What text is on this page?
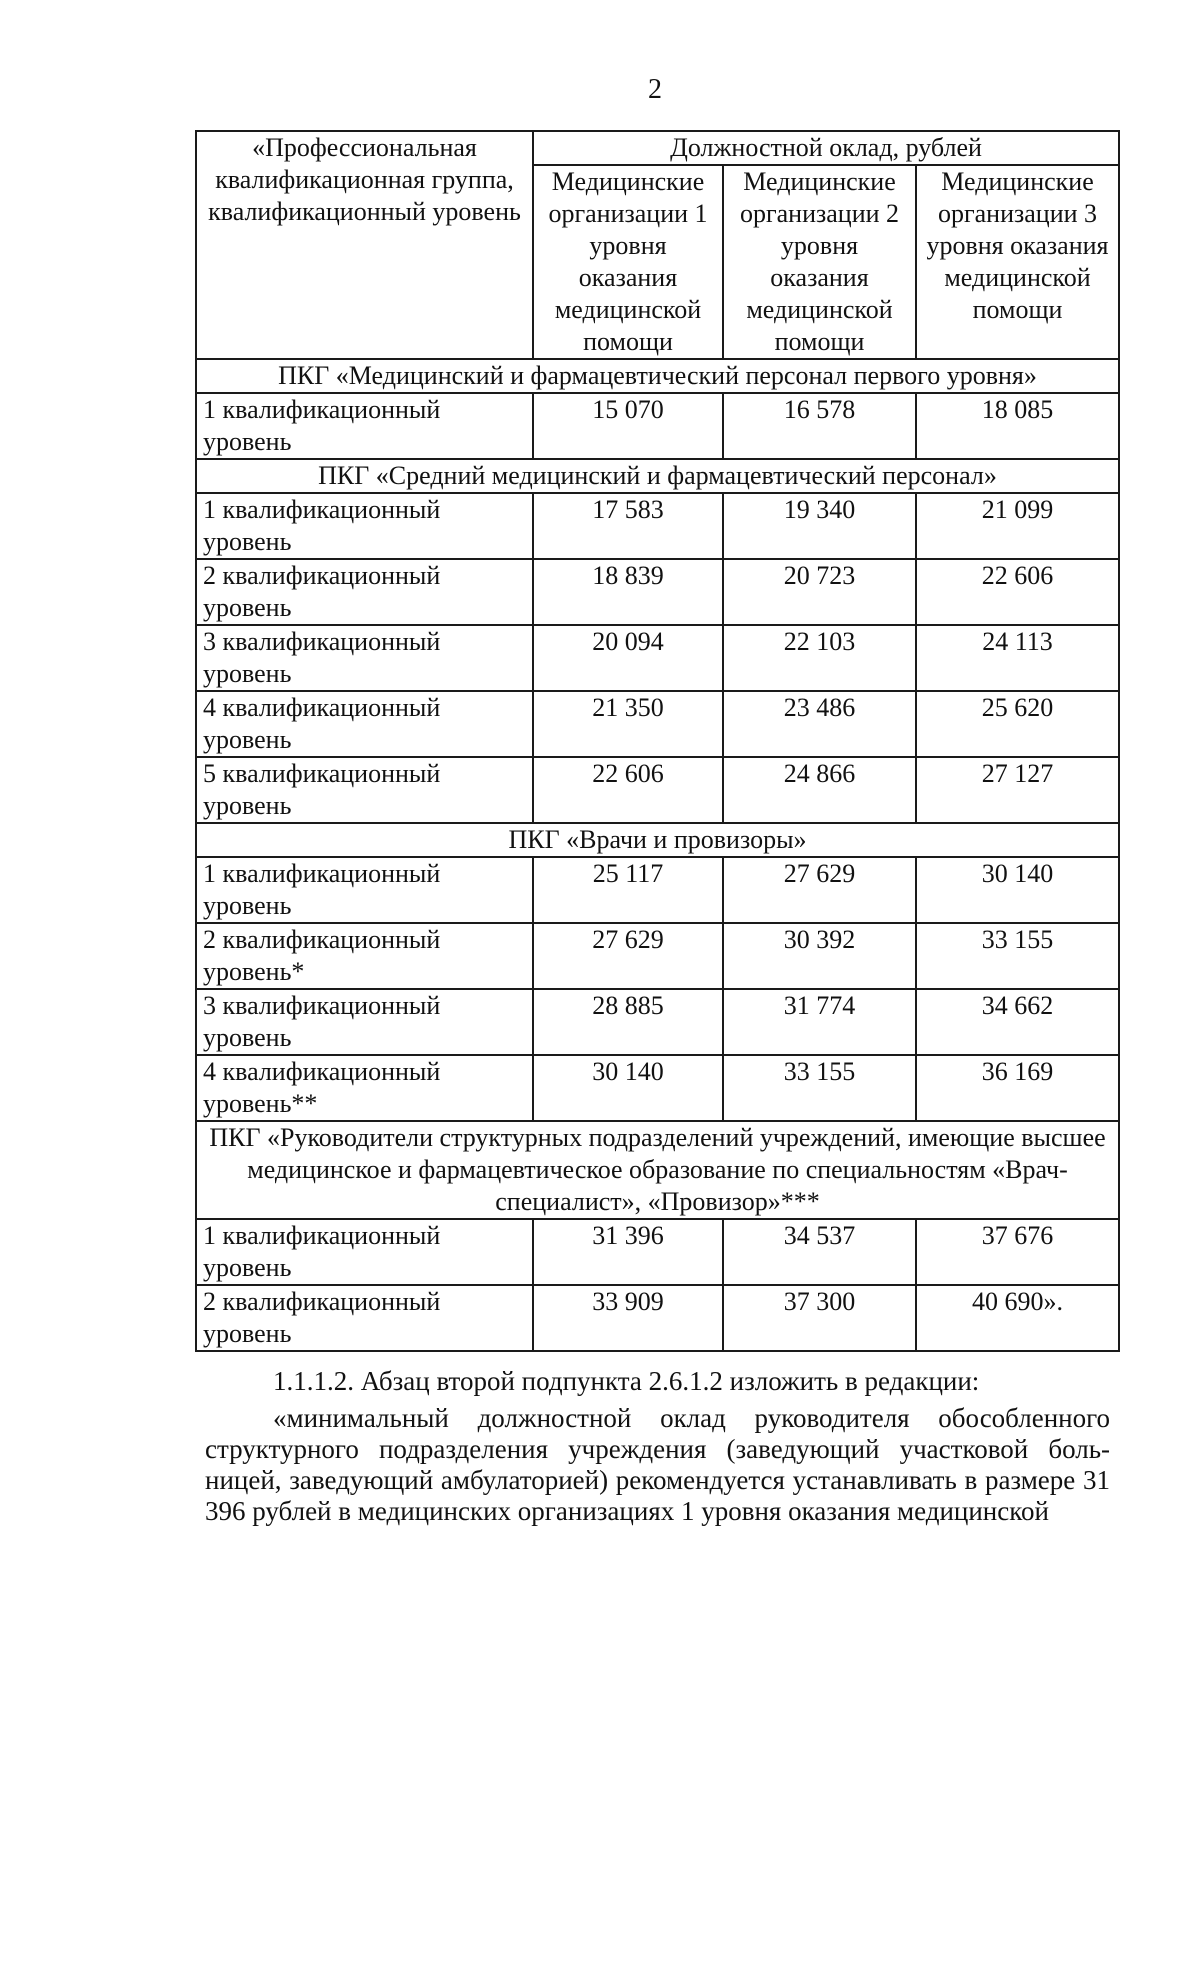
2
«Профессиональная квалификационная группа, квалификационный уровень	Должностной оклад, рублей		
	Медицинские организации 1 уровня оказания медицинской помощи	Медицинские организации 2 уровня оказания медицинской помощи	Медицинские организации 3 уровня оказания медицинской помощи
ПКГ «Медицинский и фармацевтический персонал первого уровня»			
1 квалификационный уровень	15 070	16 578	18 085
ПКГ «Средний медицинский и фармацевтический персонал»			
1 квалификационный уровень	17 583	19 340	21 099
2 квалификационный уровень	18 839	20 723	22 606
3 квалификационный уровень	20 094	22 103	24 113
4 квалификационный уровень	21 350	23 486	25 620
5 квалификационный уровень	22 606	24 866	27 127
ПКГ «Врачи и провизоры»			
1 квалификационный уровень	25 117	27 629	30 140
2 квалификационный уровень*	27 629	30 392	33 155
3 квалификационный уровень	28 885	31 774	34 662
4 квалификационный уровень**	30 140	33 155	36 169
ПКГ «Руководители структурных подразделений учреждений, имеющие высшее медицинское и фармацевтическое образование по специальностям «Врач-специалист», «Провизор»***			
1 квалификационный уровень	31 396	34 537	37 676
2 квалификационный уровень	33 909	37 300	40 690».
1.1.1.2. Абзац второй подпункта 2.6.1.2 изложить в редакции:
«минимальный должностной оклад руководителя обособленного структурного подразделения учреждения (заведующий участковой боль-ницей, заведующий амбулаторией) рекомендуется устанавливать в размере 31 396 рублей в медицинских организациях 1 уровня оказания медицинской
